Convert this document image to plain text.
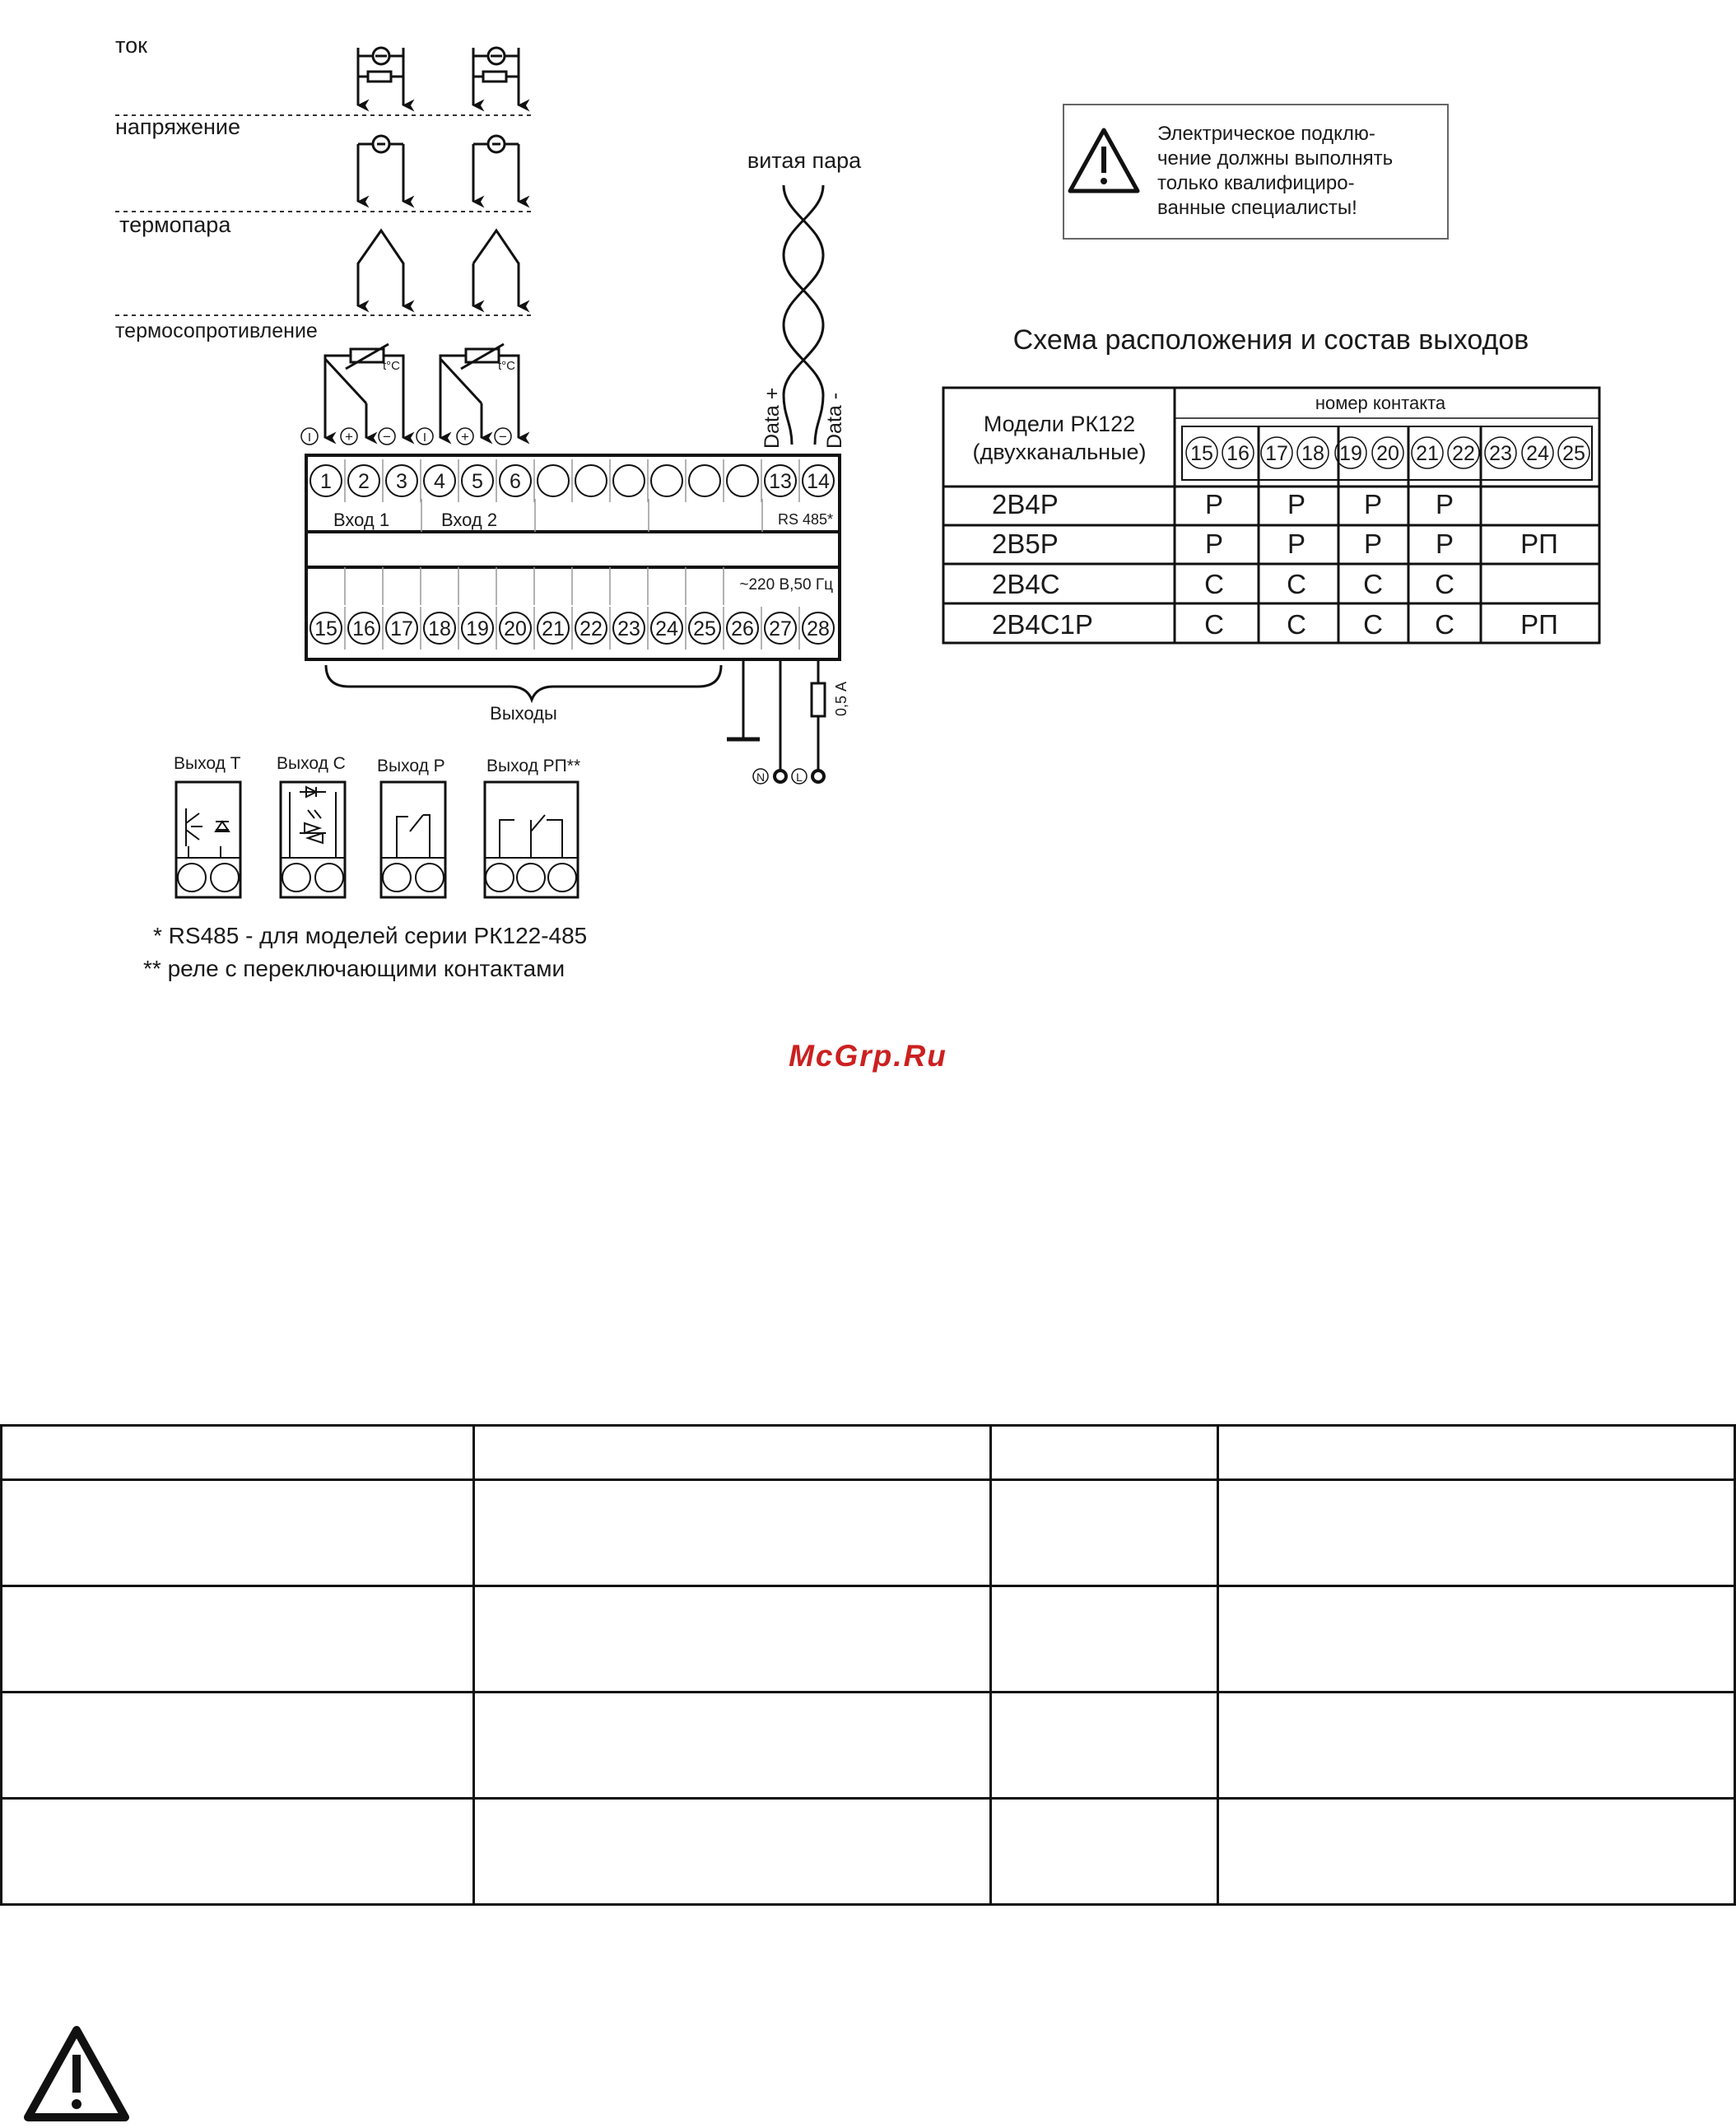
ток
напряжение
термопара
термосопротивление
t°C	t°C
I + −	I + −
витая пара
Data + Data -
Электрическое подклю-
чение должны выполнять
только квалифициро-
ванные специалисты!
1 2 3 4 5 6	13 14
Вход 1	Вход 2	RS 485*
~220 В,50 Гц
15 16 17 18 19 20 21 22 23 24 25 26 27 28
Выходы	0,5 А
N	L
Выход Т Выход С Выход Р Выход РП**
* RS485 - для моделей серии РК122-485
** реле с переключающими контактами
Схема расположения и состав выходов
Модели РК122
(двухканальные)
номер контакта
15 16 17 18 19 20 21 22 23 24 25
2В4Р	Р Р Р Р
2В5Р	Р Р Р Р РП
2В4С	С С С С
2В4С1Р	С С С С РП
McGrp.Ru
